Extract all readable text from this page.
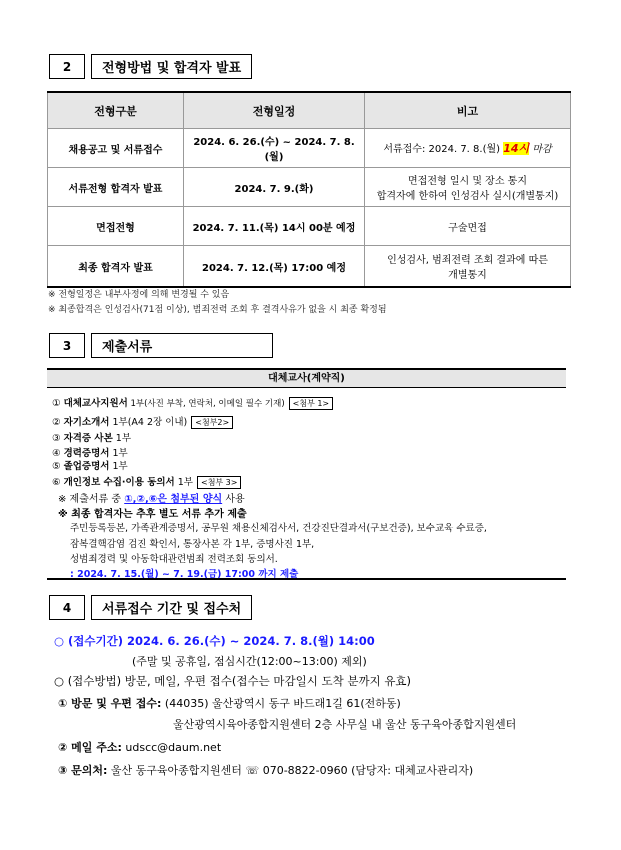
2	전형방법 및 합격자 발표
전형구분	전형일정	비고
채용공고 및 서류접수	2024. 6. 26.(수) ~ 2024. 7. 8.(월)	서류접수: 2024. 7. 8.(월) 14시 마감
서류전형 합격자 발표	2024. 7. 9.(화)	면접전형 일시 및 장소 통지
합격자에 한하여 인성검사 실시(개별통지)

면접전형	2024. 7. 11.(목) 14시 00분 예정	구술면접
최종 합격자 발표	2024. 7. 12.(목) 17:00 예정	인성검사, 범죄전력 조회 결과에 따른
개별통지
※ 전형일정은 내부사정에 의해 변경될 수 있음
※ 최종합격은 인성검사(71점 이상), 범죄전력 조회 후 결격사유가 없을 시 최종 확정됨
3	제출서류
대체교사(계약직)
① 대체교사지원서 1부(사진 부착, 연락처, 이메일 필수 기재) <첨부 1>
② 자기소개서 1부(A4 2장 이내) <첨부2>
③ 자격증 사본 1부
④ 경력증명서 1부
⑤ 졸업증명서 1부
⑥ 개인정보 수집·이용 동의서 1부 <첨부 3>
※ 제출서류 중 ①,②,⑥은 첨부된 양식 사용
※ 최종 합격자는 추후 별도 서류 추가 제출
주민등록등본, 가족관계증명서, 공무원 채용신체검사서, 건강진단결과서(구보건증), 보수교육 수료증,
잠복결핵감염 검진 확인서, 통장사본 각 1부, 증명사진 1부,
성범죄경력 및 아동학대관련범죄 전력조회 동의서.
: 2024. 7. 15.(월) ~ 7. 19.(금) 17:00 까지 제출
4	서류접수 기간 및 접수처
○ (접수기간) 2024. 6. 26.(수) ~ 2024. 7. 8.(월) 14:00
(주말 및 공휴일, 점심시간(12:00~13:00) 제외)
○ (접수방법) 방문, 메일, 우편 접수(접수는 마감일시 도착 분까지 유효)
① 방문 및 우편 접수: (44035) 울산광역시 동구 바드래1길 61(전하동)
울산광역시육아종합지원센터 2층 사무실 내 울산 동구육아종합지원센터
② 메일 주소: udscc@daum.net
③ 문의처: 울산 동구육아종합지원센터 ☏ 070-8822-0960 (담당자: 대체교사관리자)
